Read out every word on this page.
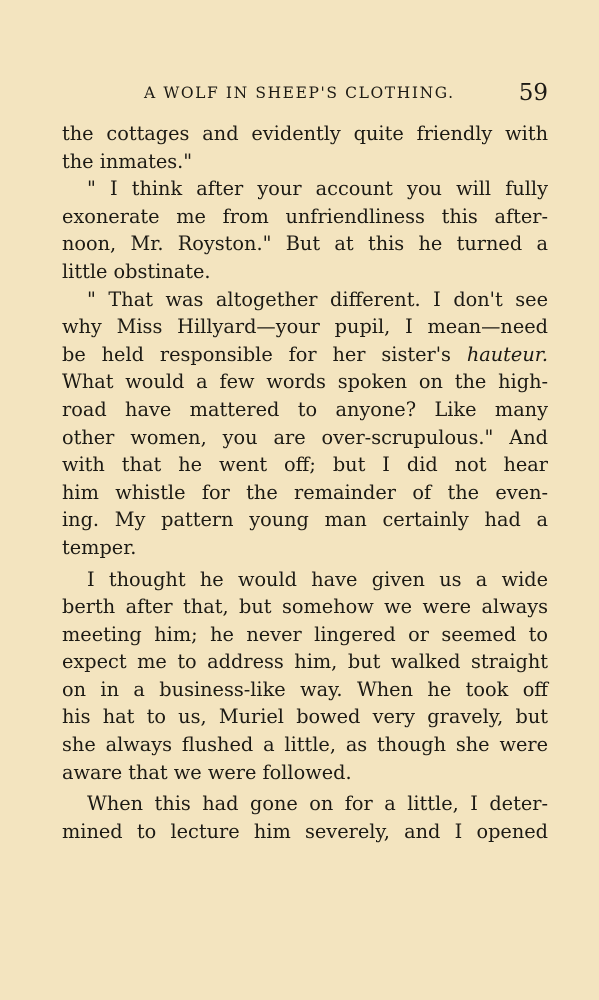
A WOLF IN SHEEP'S CLOTHING.	59
the cottages and evidently quite friendly with
the inmates."
" I think after your account you will fully
exonerate me from unfriendliness this after-
noon, Mr. Royston." But at this he turned a
little obstinate.
" That was altogether different. I don't see
why Miss Hillyard—your pupil, I mean—need
be held responsible for her sister's hauteur.
What would a few words spoken on the high-
road have mattered to anyone? Like many
other women, you are over-scrupulous." And
with that he went off; but I did not hear
him whistle for the remainder of the even-
ing. My pattern young man certainly had a
temper.
I thought he would have given us a wide
berth after that, but somehow we were always
meeting him; he never lingered or seemed to
expect me to address him, but walked straight
on in a business-like way. When he took off
his hat to us, Muriel bowed very gravely, but
she always flushed a little, as though she were
aware that we were followed.
When this had gone on for a little, I deter-
mined to lecture him severely, and I opened
